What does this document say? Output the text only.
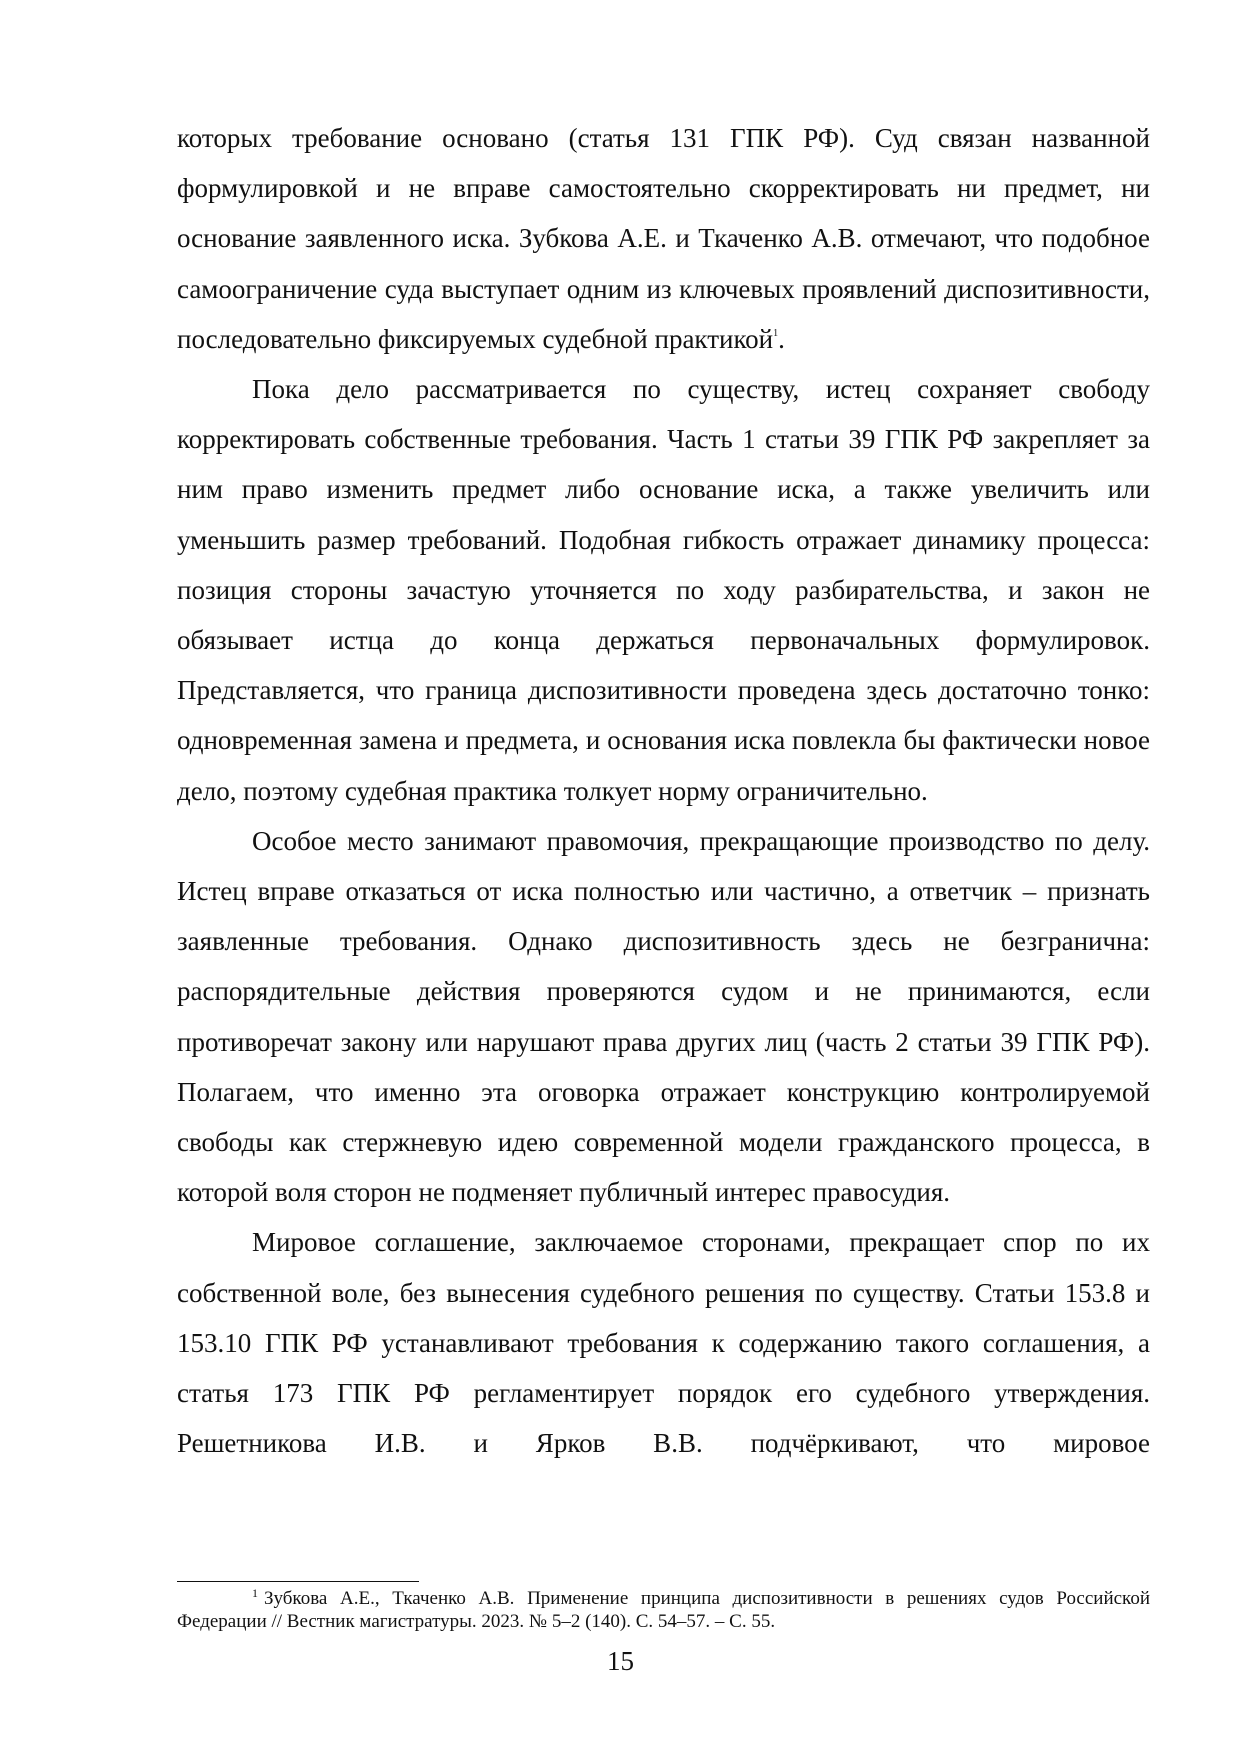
которых требование основано (статья 131 ГПК РФ). Суд связан названной формулировкой и не вправе самостоятельно скорректировать ни предмет, ни основание заявленного иска. Зубкова А.Е. и Ткаченко А.В. отмечают, что подобное самоограничение суда выступает одним из ключевых проявлений диспозитивности, последовательно фиксируемых судебной практикой$^1$.

Пока дело рассматривается по существу, истец сохраняет свободу корректировать собственные требования. Часть 1 статьи 39 ГПК РФ закрепляет за ним право изменить предмет либо основание иска, а также увеличить или уменьшить размер требований. Подобная гибкость отражает динамику процесса: позиция стороны зачастую уточняется по ходу разбирательства, и закон не обязывает истца до конца держаться первоначальных формулировок. Представляется, что граница диспозитивности проведена здесь достаточно тонко: одновременная замена и предмета, и основания иска повлекла бы фактически новое дело, поэтому судебная практика толкует норму ограничительно.

Особое место занимают правомочия, прекращающие производство по делу. Истец вправе отказаться от иска полностью или частично, а ответчик – признать заявленные требования. Однако диспозитивность здесь не безгранична: распорядительные действия проверяются судом и не принимаются, если противоречат закону или нарушают права других лиц (часть 2 статьи 39 ГПК РФ). Полагаем, что именно эта оговорка отражает конструкцию контролируемой свободы как стержневую идею современной модели гражданского процесса, в которой воля сторон не подменяет публичный интерес правосудия.

Мировое соглашение, заключаемое сторонами, прекращает спор по их собственной воле, без вынесения судебного решения по существу. Статьи 153.8 и 153.10 ГПК РФ устанавливают требования к содержанию такого соглашения, а статья 173 ГПК РФ регламентирует порядок его судебного утверждения. Решетникова И.В. и Ярков В.В. подчёркивают, что мировое

1 Зубкова А.Е., Ткаченко А.В. Применение принципа диспозитивности в решениях судов Российской Федерации // Вестник магистратуры. 2023. № 5–2 (140). С. 54–57. – С. 55.
15
